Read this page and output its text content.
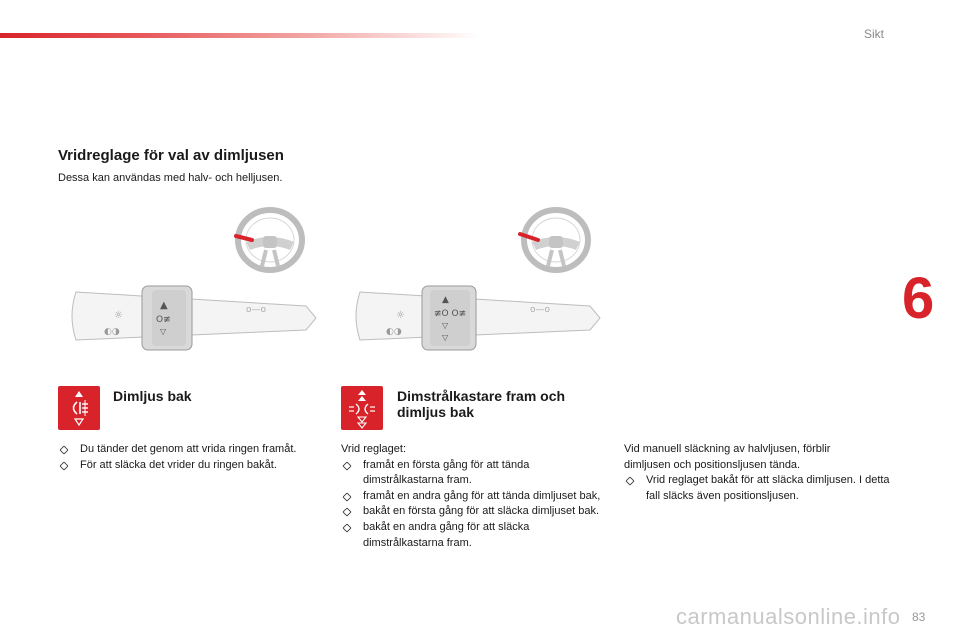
Sikt
6
Vridreglage för val av dimljusen

Dessa kan användas med halv- och helljusen.

▲
O≢
▽
☼
◐◑
o—o
▲
≢O O≢
▽
▽
☼
◐◑
o—o
Dimljus bak
Du tänder det genom att vrida ringen framåt.
För att släcka det vrider du ringen bakåt.
Dimstrålkastare fram och
dimljus bak
Vrid reglaget:
framåt en första gång för att tända dimstrålkastarna fram.
framåt en andra gång för att tända dimljuset bak,
bakåt en första gång för att släcka dimljuset bak.
bakåt en andra gång för att släcka dimstrålkastarna fram.
Vid manuell släckning av halvljusen, förblir
dimljusen och positionsljusen tända.
Vrid reglaget bakåt för att släcka dimljusen. I detta fall släcks även positionsljusen.
carmanualsonline.info 83
